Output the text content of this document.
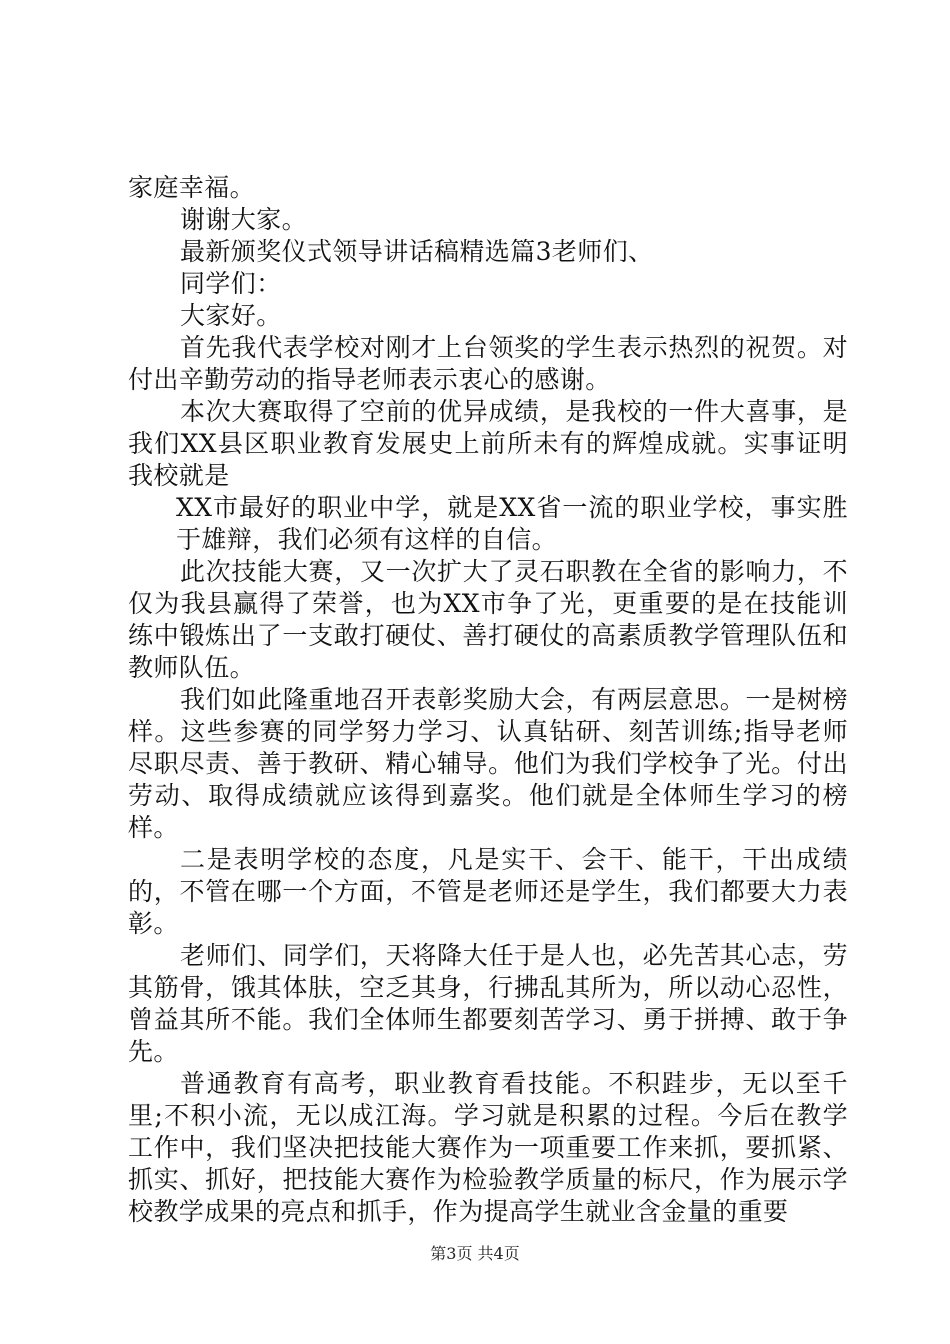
家庭幸福。

谢谢大家。

最新颁奖仪式领导讲话稿精选篇3老师们、

同学们：

大家好。

首先我代表学校对刚才上台领奖的学生表示热烈的祝贺。对付出辛勤劳动的指导老师表示衷心的感谢。

本次大赛取得了空前的优异成绩，是我校的一件大喜事，是我们XX县区职业教育发展史上前所未有的辉煌成就。实事证明我校就是

XX市最好的职业中学，就是XX省一流的职业学校，事实胜于雄辩，我们必须有这样的自信。

此次技能大赛，又一次扩大了灵石职教在全省的影响力，不仅为我县赢得了荣誉，也为XX市争了光，更重要的是在技能训练中锻炼出了一支敢打硬仗、善打硬仗的高素质教学管理队伍和教师队伍。

我们如此隆重地召开表彰奖励大会，有两层意思。一是树榜样。这些参赛的同学努力学习、认真钻研、刻苦训练;指导老师尽职尽责、善于教研、精心辅导。他们为我们学校争了光。付出劳动、取得成绩就应该得到嘉奖。他们就是全体师生学习的榜样。

二是表明学校的态度，凡是实干、会干、能干，干出成绩的，不管在哪一个方面，不管是老师还是学生，我们都要大力表彰。

老师们、同学们，天将降大任于是人也，必先苦其心志，劳其筋骨，饿其体肤，空乏其身，行拂乱其所为，所以动心忍性，曾益其所不能。我们全体师生都要刻苦学习、勇于拼搏、敢于争先。

普通教育有高考，职业教育看技能。不积跬步，无以至千里;不积小流，无以成江海。学习就是积累的过程。今后在教学工作中，我们坚决把技能大赛作为一项重要工作来抓，要抓紧、抓实、抓好，把技能大赛作为检验教学质量的标尺，作为展示学校教学成果的亮点和抓手，作为提高学生就业含金量的重要

第3页 共4页
